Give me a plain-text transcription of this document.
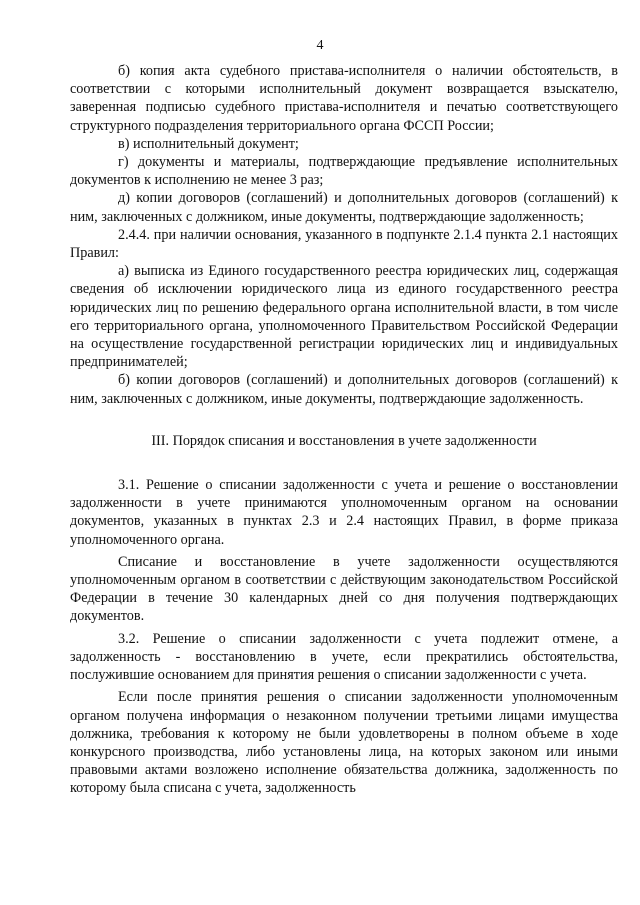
4

б) копия акта судебного пристава-исполнителя о наличии обстоятельств, в соответствии с которыми исполнительный документ возвращается взыскателю, заверенная подписью судебного пристава-исполнителя и печатью соответствующего структурного подразделения территориального органа ФССП России;

в) исполнительный документ;

г) документы и материалы, подтверждающие предъявление исполнительных документов к исполнению не менее 3 раз;

д) копии договоров (соглашений) и дополнительных договоров (соглашений) к ним, заключенных с должником, иные документы, подтверждающие задолженность;

2.4.4. при наличии основания, указанного в подпункте 2.1.4 пункта 2.1 настоящих Правил:

а) выписка из Единого государственного реестра юридических лиц, содержащая сведения об исключении юридического лица из единого государственного реестра юридических лиц по решению федерального органа исполнительной власти, в том числе его территориального органа, уполномоченного Правительством Российской Федерации на осуществление государственной регистрации юридических лиц и индивидуальных предпринимателей;

б) копии договоров (соглашений) и дополнительных договоров (соглашений) к ним, заключенных с должником, иные документы, подтверждающие задолженность.

III. Порядок списания и восстановления в учете задолженности

3.1. Решение о списании задолженности с учета и решение о восстановлении задолженности в учете принимаются уполномоченным органом на основании документов, указанных в пунктах 2.3 и 2.4 настоящих Правил, в форме приказа уполномоченного органа.

Списание и восстановление в учете задолженности осуществляются уполномоченным органом в соответствии с действующим законодательством Российской Федерации в течение 30 календарных дней со дня получения подтверждающих документов.

3.2. Решение о списании задолженности с учета подлежит отмене, а задолженность - восстановлению в учете, если прекратились обстоятельства, послужившие основанием для принятия решения о списании задолженности с учета.

Если после принятия решения о списании задолженности уполномоченным органом получена информация о незаконном получении третьими лицами имущества должника, требования к которому не были удовлетворены в полном объеме в ходе конкурсного производства, либо установлены лица, на которых законом или иными правовыми актами возложено исполнение обязательства должника, задолженность по которому была списана с учета, задолженность
